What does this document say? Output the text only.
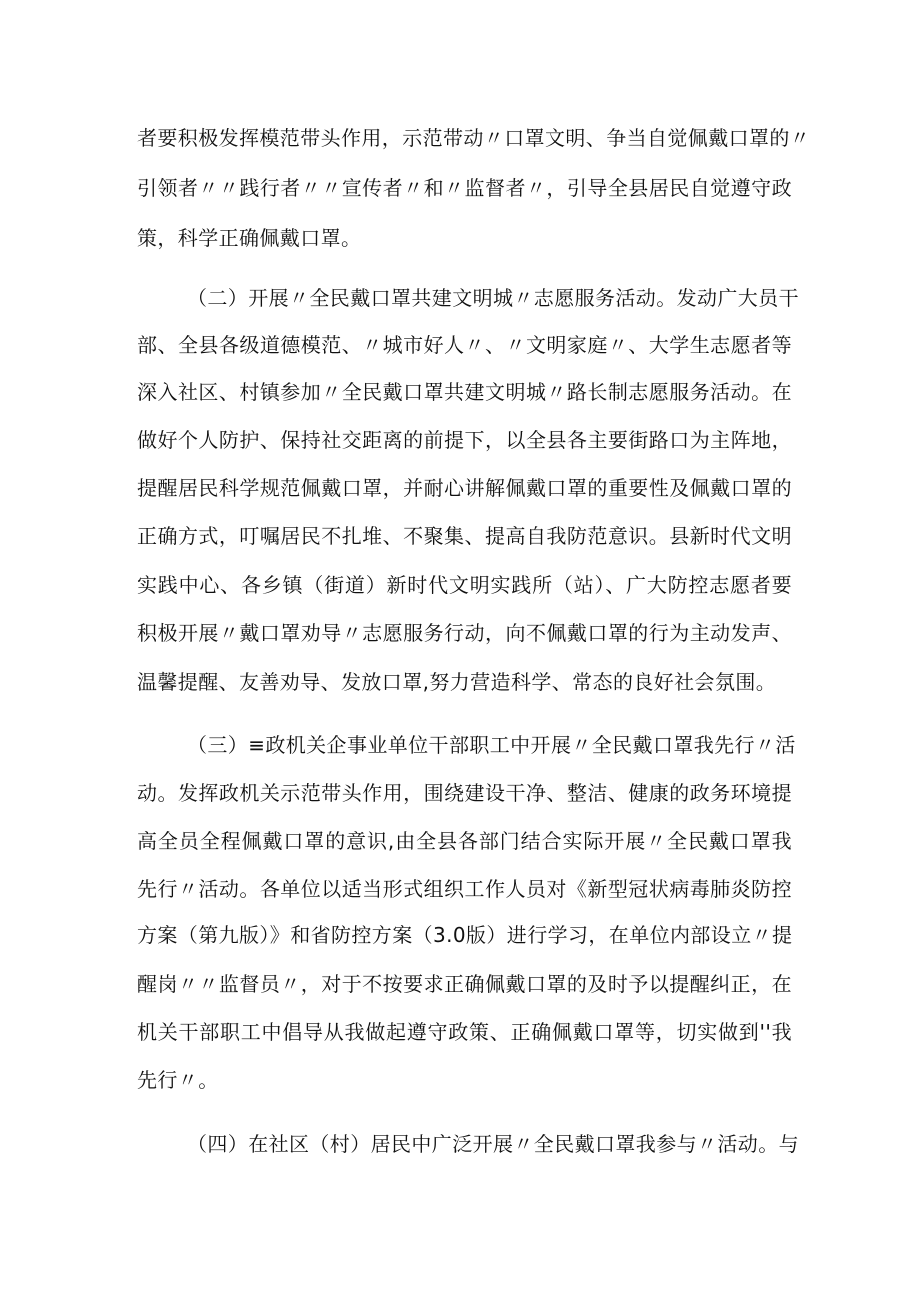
者要积极发挥模范带头作用，示范带动〃口罩文明、争当自觉佩戴口罩的〃
引领者〃〃践行者〃〃宣传者〃和〃监督者〃，引导全县居民自觉遵守政
策，科学正确佩戴口罩。
（二）开展〃全民戴口罩共建文明城〃志愿服务活动。发动广大员干
部、全县各级道德模范、〃城市好人〃、〃文明家庭〃、大学生志愿者等
深入社区、村镇参加〃全民戴口罩共建文明城〃路长制志愿服务活动。在
做好个人防护、保持社交距离的前提下，以全县各主要街路口为主阵地，
提醒居民科学规范佩戴口罩，并耐心讲解佩戴口罩的重要性及佩戴口罩的
正确方式，叮嘱居民不扎堆、不聚集、提高自我防范意识。县新时代文明
实践中心、各乡镇（街道）新时代文明实践所（站）、广大防控志愿者要
积极开展〃戴口罩劝导〃志愿服务行动，向不佩戴口罩的行为主动发声、
温馨提醒、友善劝导、发放口罩,努力营造科学、常态的良好社会氛围。
（三）≡政机关企事业单位干部职工中开展〃全民戴口罩我先行〃活
动。发挥政机关示范带头作用，围绕建设干净、整洁、健康的政务环境提
高全员全程佩戴口罩的意识,由全县各部门结合实际开展〃全民戴口罩我
先行〃活动。各单位以适当形式组织工作人员对《新型冠状病毒肺炎防控
方案（第九版）》和省防控方案（3.0版）进行学习，在单位内部设立〃提
醒岗〃〃监督员〃，对于不按要求正确佩戴口罩的及时予以提醒纠正，在
机关干部职工中倡导从我做起遵守政策、正确佩戴口罩等，切实做到''我
先行〃。
（四）在社区（村）居民中广泛开展〃全民戴口罩我参与〃活动。与
